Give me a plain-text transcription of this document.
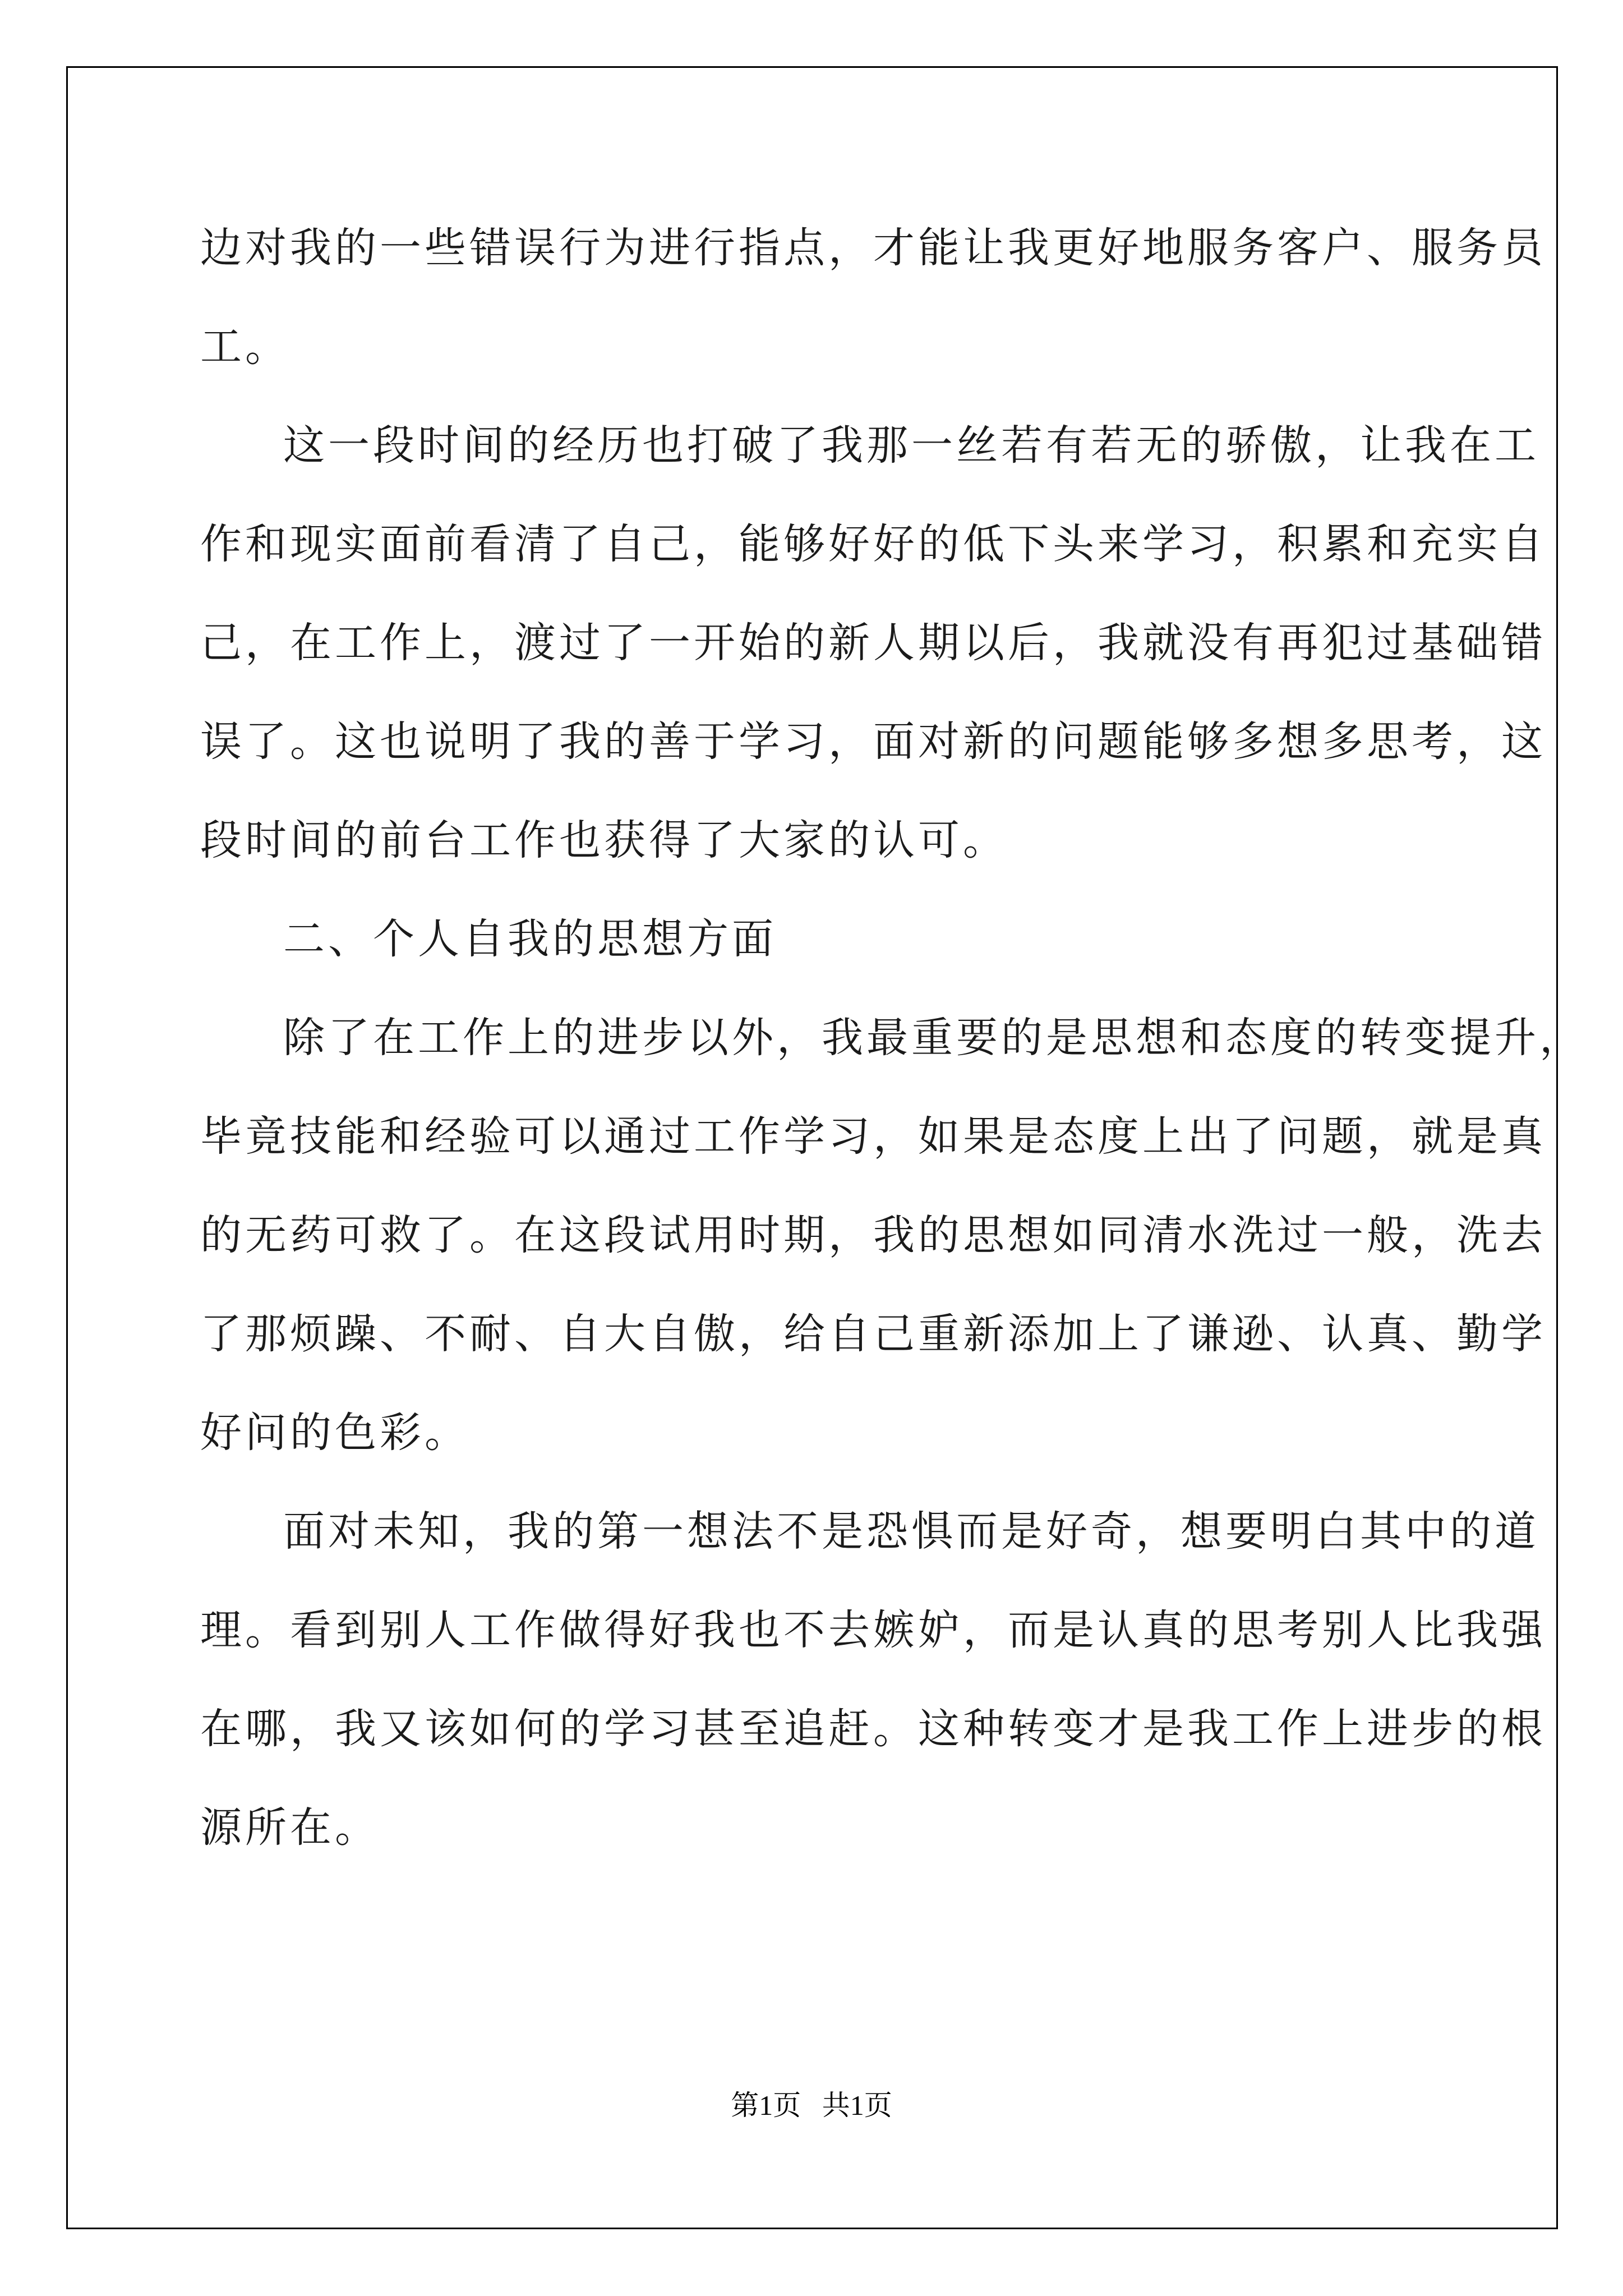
边对我的一些错误行为进行指点，才能让我更好地服务客户、服务员
工。
这一段时间的经历也打破了我那一丝若有若无的骄傲，让我在工
作和现实面前看清了自己，能够好好的低下头来学习，积累和充实自
己，在工作上，渡过了一开始的新人期以后，我就没有再犯过基础错
误了。这也说明了我的善于学习，面对新的问题能够多想多思考，这
段时间的前台工作也获得了大家的认可。
二、个人自我的思想方面
除了在工作上的进步以外，我最重要的是思想和态度的转变提升，
毕竟技能和经验可以通过工作学习，如果是态度上出了问题，就是真
的无药可救了。在这段试用时期，我的思想如同清水洗过一般，洗去
了那烦躁、不耐、自大自傲，给自己重新添加上了谦逊、认真、勤学
好问的色彩。
面对未知，我的第一想法不是恐惧而是好奇，想要明白其中的道
理。看到别人工作做得好我也不去嫉妒，而是认真的思考别人比我强
在哪，我又该如何的学习甚至追赶。这种转变才是我工作上进步的根
源所在。
第1页   共1页
